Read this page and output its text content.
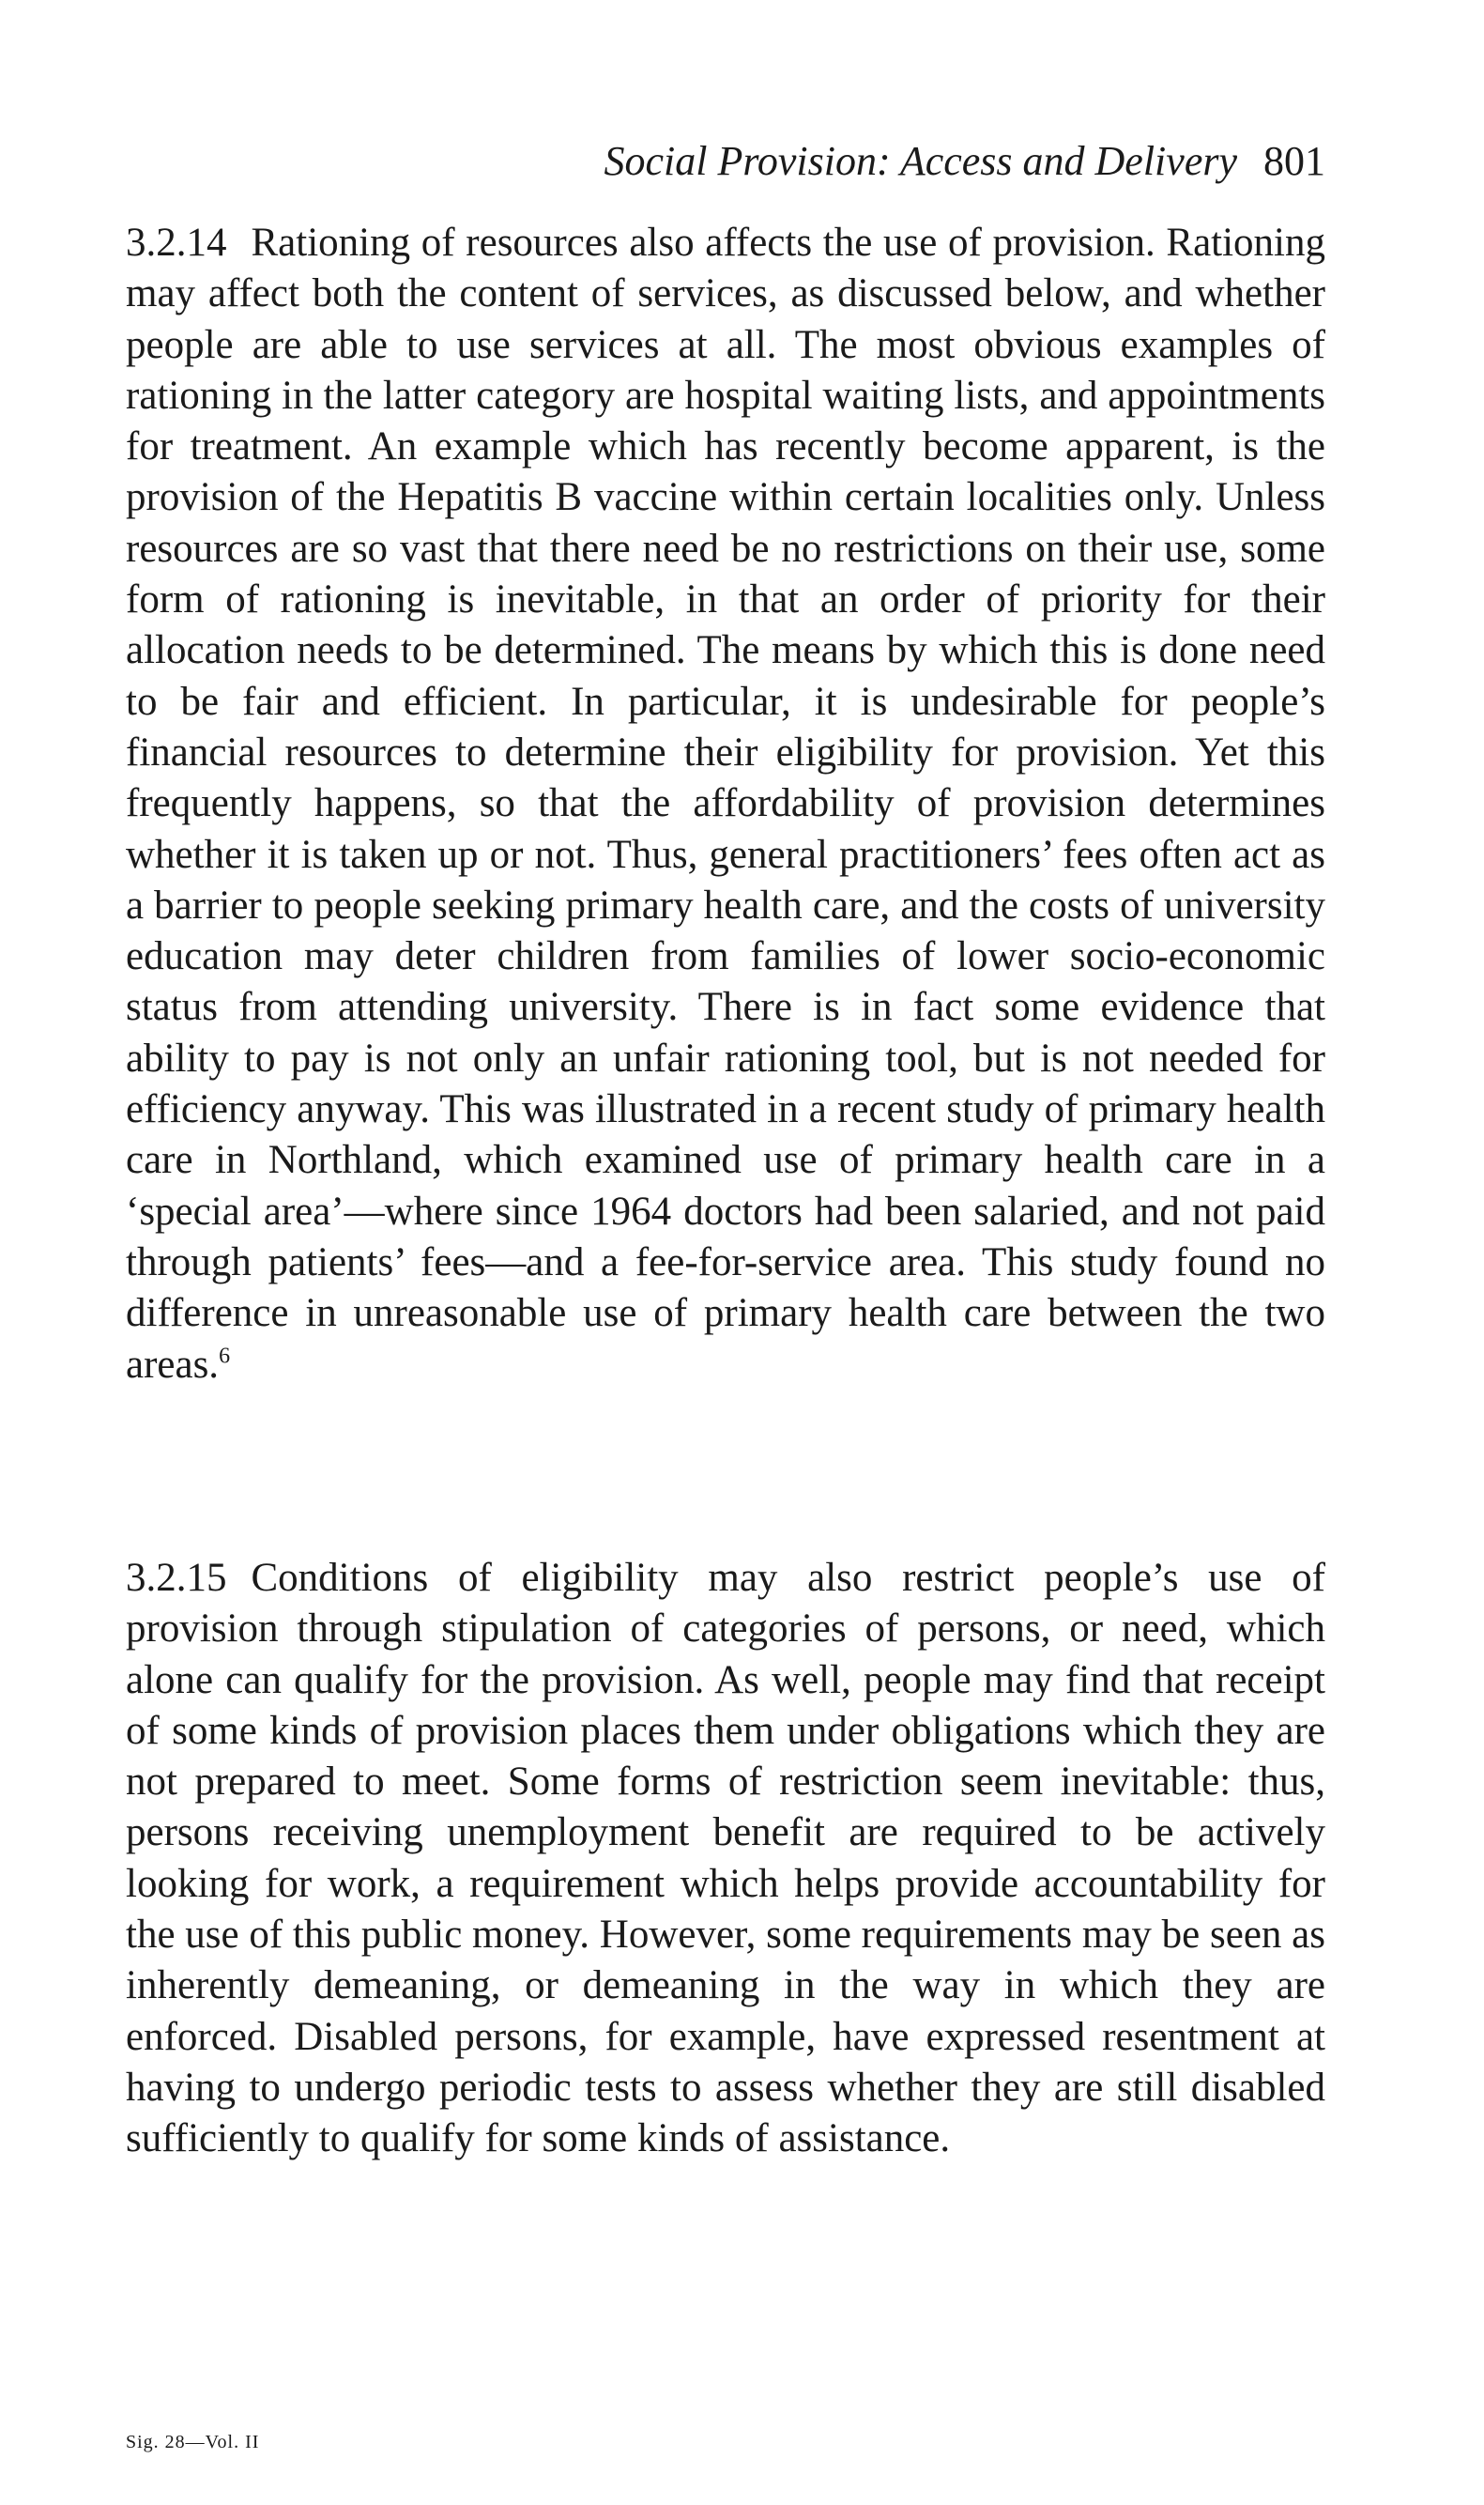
Social Provision: Access and Delivery 801

3.2.14 Rationing of resources also affects the use of provision. Rationing may affect both the content of services, as discussed below, and whether people are able to use services at all. The most obvious examples of rationing in the latter category are hospital waiting lists, and appointments for treatment. An example which has recently become apparent, is the provision of the Hepatitis B vaccine within certain localities only. Unless resources are so vast that there need be no restrictions on their use, some form of rationing is inevitable, in that an order of priority for their allocation needs to be determined. The means by which this is done need to be fair and efficient. In particular, it is undesirable for people’s financial resources to determine their eligibility for provision. Yet this frequently happens, so that the affordability of provision determines whether it is taken up or not. Thus, general practitioners’ fees often act as a barrier to people seeking primary health care, and the costs of university education may deter children from families of lower socio-economic status from attending university. There is in fact some evidence that ability to pay is not only an unfair rationing tool, but is not needed for efficiency anyway. This was illustrated in a recent study of primary health care in Northland, which examined use of primary health care in a ‘special area’—where since 1964 doctors had been salaried, and not paid through patients’ fees—and a fee-for-service area. This study found no difference in unreasonable use of primary health care between the two areas.$^6$

3.2.15 Conditions of eligibility may also restrict people’s use of provision through stipulation of categories of persons, or need, which alone can qualify for the provision. As well, people may find that receipt of some kinds of provision places them under obligations which they are not prepared to meet. Some forms of restriction seem inevitable: thus, persons receiving unemployment benefit are required to be actively looking for work, a requirement which helps provide accountability for the use of this public money. However, some requirements may be seen as inherently demeaning, or demeaning in the way in which they are enforced. Disabled persons, for example, have expressed resentment at having to undergo periodic tests to assess whether they are still disabled sufficiently to qualify for some kinds of assistance.

Sig. 28—Vol. II
